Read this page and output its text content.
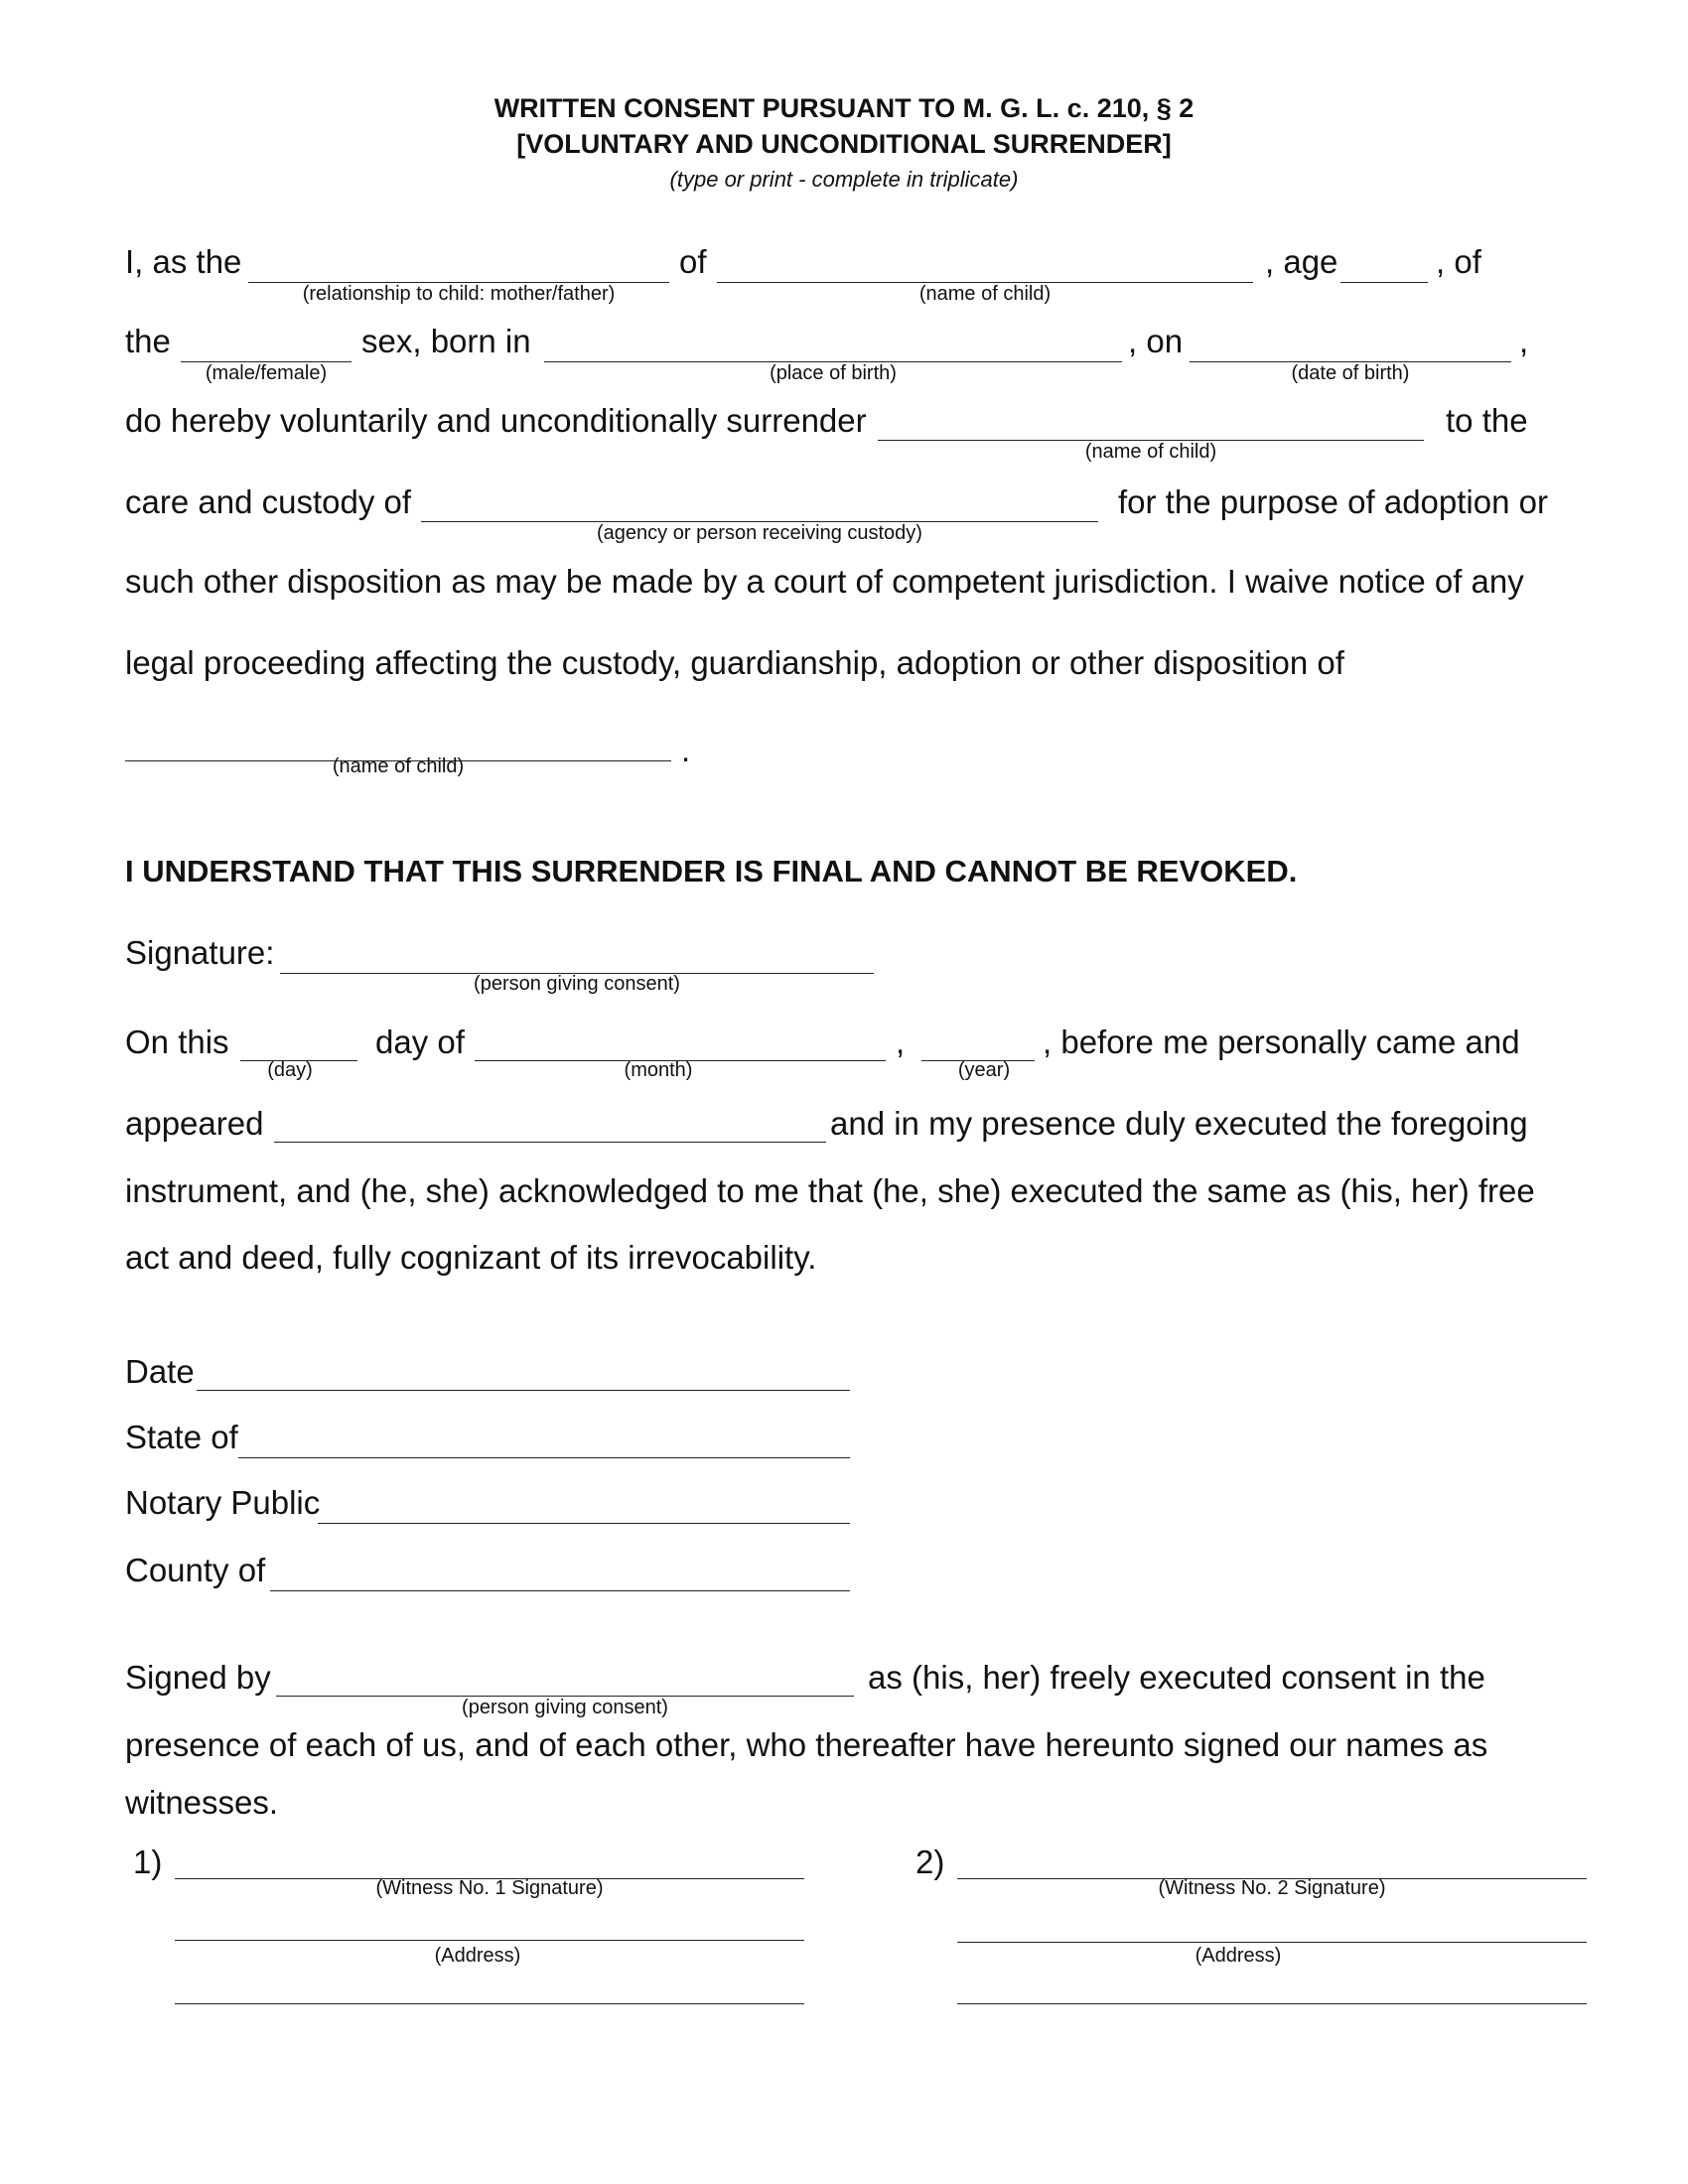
WRITTEN CONSENT PURSUANT TO M. G. L. c. 210, § 2
[VOLUNTARY AND UNCONDITIONAL SURRENDER]
(type or print - complete in triplicate)
I, as the
(relationship to child: mother/father)
of
(name of child)
, age	, of
the
(male/female)
sex, born in
(place of birth)
, on
(date of birth)
,
do hereby voluntarily and unconditionally surrender
(name of child)
to the
care and custody of
(agency or person receiving custody)
for the purpose of adoption or
such other disposition as may be made by a court of competent jurisdiction. I waive notice of any
legal proceeding affecting the custody, guardianship, adoption or other disposition of
(name of child)	.
I UNDERSTAND THAT THIS SURRENDER IS FINAL AND CANNOT BE REVOKED.
Signature:
(person giving consent)
On this
(day)
day of
(month)
,
(year)
, before me personally came and
appeared	and in my presence duly executed the foregoing
instrument, and (he, she) acknowledged to me that (he, she) executed the same as (his, her) free
act and deed, fully cognizant of its irrevocability.
Date
State of
Notary Public
County of
Signed by
(person giving consent)
as (his, her) freely executed consent in the
presence of each of us, and of each other, who thereafter have hereunto signed our names as
witnesses.
1)
(Witness No. 1 Signature)
(Address)
2)
(Witness No. 2 Signature)
(Address)
